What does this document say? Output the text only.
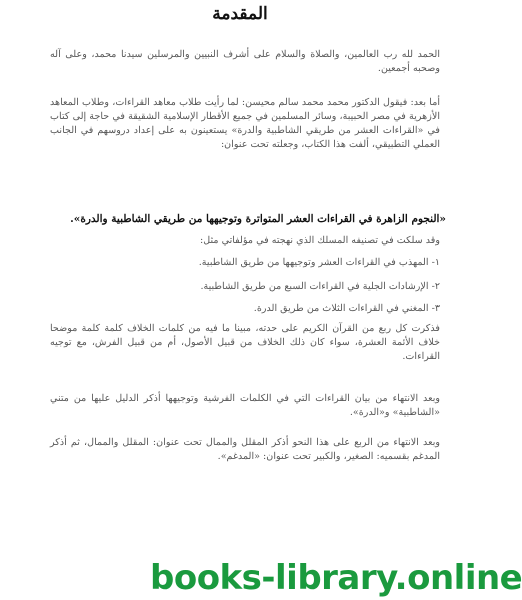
المقدمة

الحمد لله رب العالمين، والصلاة والسلام على أشرف النبيين والمرسلين سيدنا محمد، وعلى آله وصحبه أجمعين.

أما بعد: فيقول الدكتور محمد محمد سالم محيسن: لما رأيت طلاب معاهد القراءات، وطلاب المعاهد الأزهرية في مصر الحبيبة، وسائر المسلمين في جميع الأقطار الإسلامية الشقيقة في حاجة إلى كتاب في «القراءات العشر من طريقي الشاطبية والدرة» يستعينون به على إعداد دروسهم في الجانب العملي التطبيقي، ألفت هذا الكتاب، وجعلته تحت عنوان:

«النجوم الزاهرة في القراءات العشر المتواترة وتوجيهها من طريقي الشاطبية والدرة».

وقد سلكت في تصنيفه المسلك الذي نهجته في مؤلفاتي مثل:

١- المهذب في القراءات العشر وتوجيهها من طريق الشاطبية.

٢- الإرشادات الجلية في القراءات السبع من طريق الشاطبية.

٣- المغني في القراءات الثلاث من طريق الدرة.

فذكرت كل ربع من القرآن الكريم على حدته، مبينا ما فيه من كلمات الخلاف كلمة كلمة موضحا خلاف الأئمة العشرة، سواء كان ذلك الخلاف من قبيل الأصول، أم من قبيل الفرش، مع توجيه القراءات.

وبعد الانتهاء من بيان القراءات التي في الكلمات الفرشية وتوجيهها أذكر الدليل عليها من متني «الشاطبية» و«الدرة».

وبعد الانتهاء من الربع على هذا النحو أذكر المقلل والممال تحت عنوان: المقلل والممال، ثم أذكر المدغم بقسميه: الصغير، والكبير تحت عنوان: «المدغم».

books-library.online
